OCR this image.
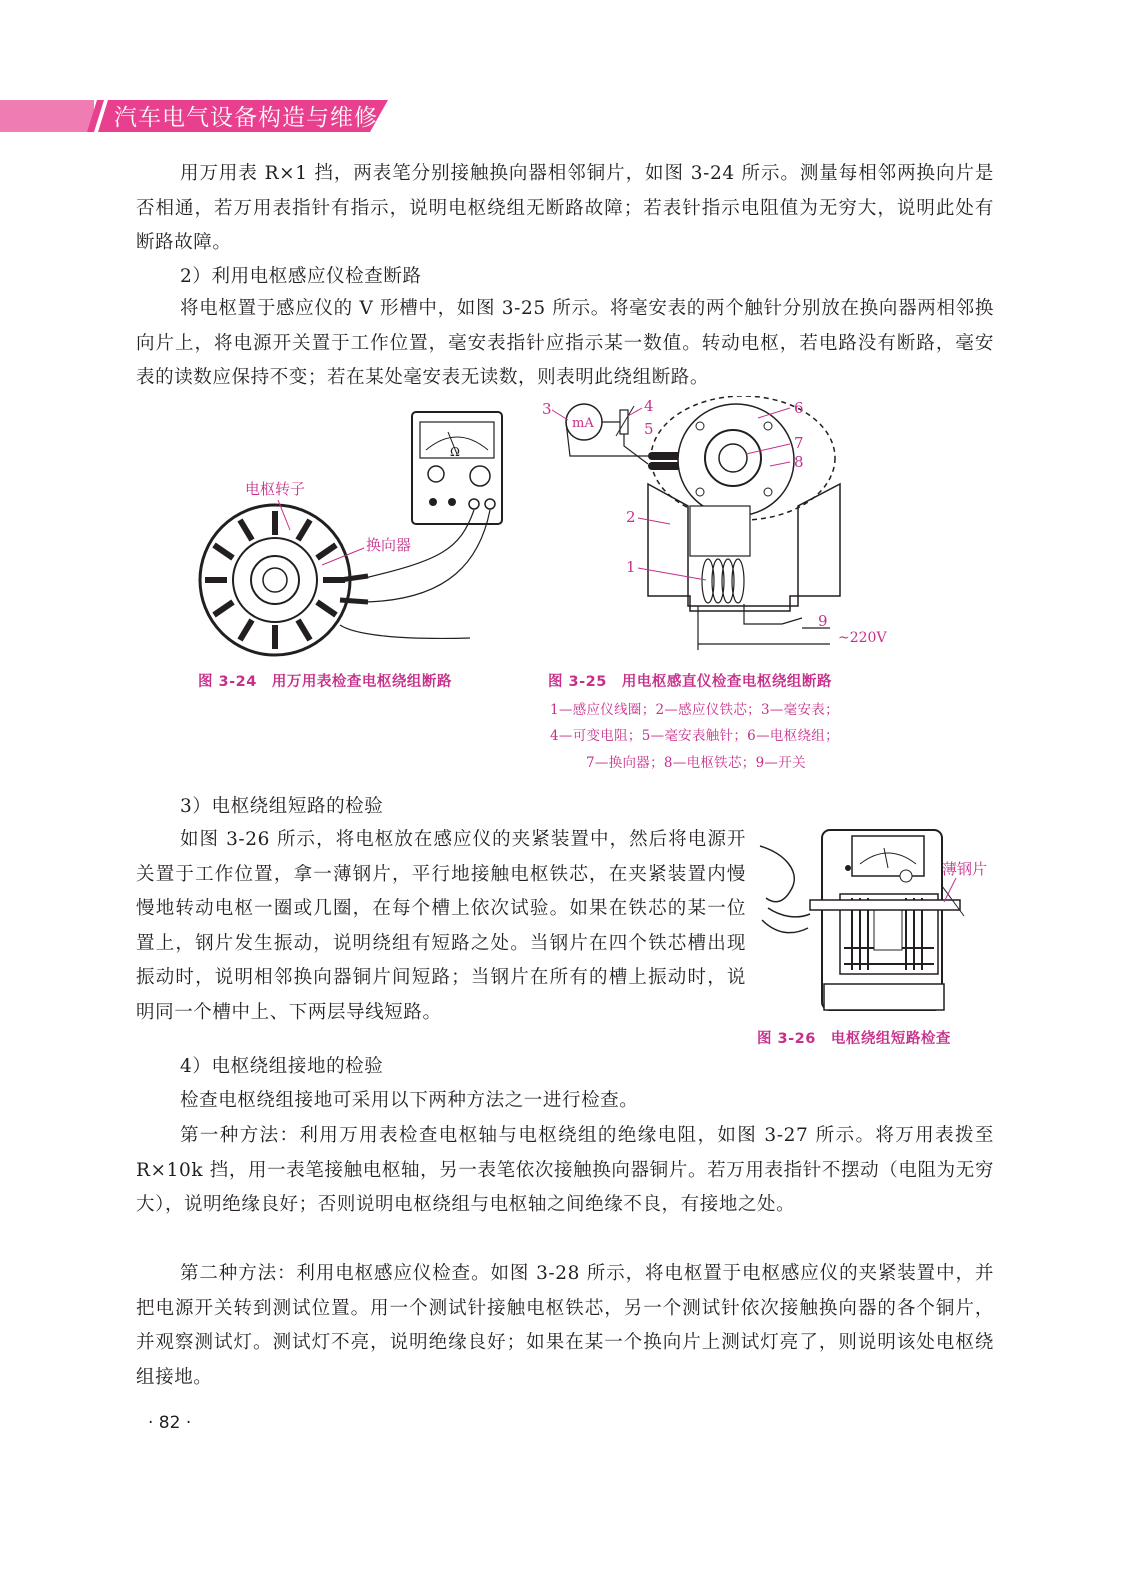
汽车电气设备构造与维修

用万用表 R×1 挡，两表笔分别接触换向器相邻铜片，如图 3-24 所示。测量每相邻两换向片是否相通，若万用表指针有指示，说明电枢绕组无断路故障；若表针指示电阻值为无穷大，说明此处有断路故障。

2）利用电枢感应仪检查断路

将电枢置于感应仪的 V 形槽中，如图 3-25 所示。将毫安表的两个触针分别放在换向器两相邻换向片上，将电源开关置于工作位置，毫安表指针应指示某一数值。转动电枢，若电路没有断路，毫安表的读数应保持不变；若在某处毫安表无读数，则表明此绕组断路。

Ω
电枢转子
换向器
图 3-24　用万用表检查电枢绕组断路
mA
3	4
5
6
7
8
2
1
9
~220V
图 3-25　用电枢感直仪检查电枢绕组断路
1—感应仪线圈；2—感应仪铁芯；3—毫安表；
4—可变电阻；5—毫安表触针；6—电枢绕组；
7—换向器；8—电枢铁芯；9—开关

3）电枢绕组短路的检验

如图 3-26 所示，将电枢放在感应仪的夹紧装置中，然后将电源开关置于工作位置，拿一薄钢片，平行地接触电枢铁芯，在夹紧装置内慢慢地转动电枢一圈或几圈，在每个槽上依次试验。如果在铁芯的某一位置上，钢片发生振动，说明绕组有短路之处。当钢片在四个铁芯槽出现振动时，说明相邻换向器铜片间短路；当钢片在所有的槽上振动时，说明同一个槽中上、下两层导线短路。

薄钢片
图 3-26　电枢绕组短路检查

4）电枢绕组接地的检验

检查电枢绕组接地可采用以下两种方法之一进行检查。

第一种方法：利用万用表检查电枢轴与电枢绕组的绝缘电阻，如图 3-27 所示。将万用表拨至 R×10k 挡，用一表笔接触电枢轴，另一表笔依次接触换向器铜片。若万用表指针不摆动（电阻为无穷大），说明绝缘良好；否则说明电枢绕组与电枢轴之间绝缘不良，有接地之处。

第二种方法：利用电枢感应仪检查。如图 3-28 所示，将电枢置于电枢感应仪的夹紧装置中，并把电源开关转到测试位置。用一个测试针接触电枢铁芯，另一个测试针依次接触换向器的各个铜片，并观察测试灯。测试灯不亮，说明绝缘良好；如果在某一个换向片上测试灯亮了，则说明该处电枢绕组接地。

· 82 ·
